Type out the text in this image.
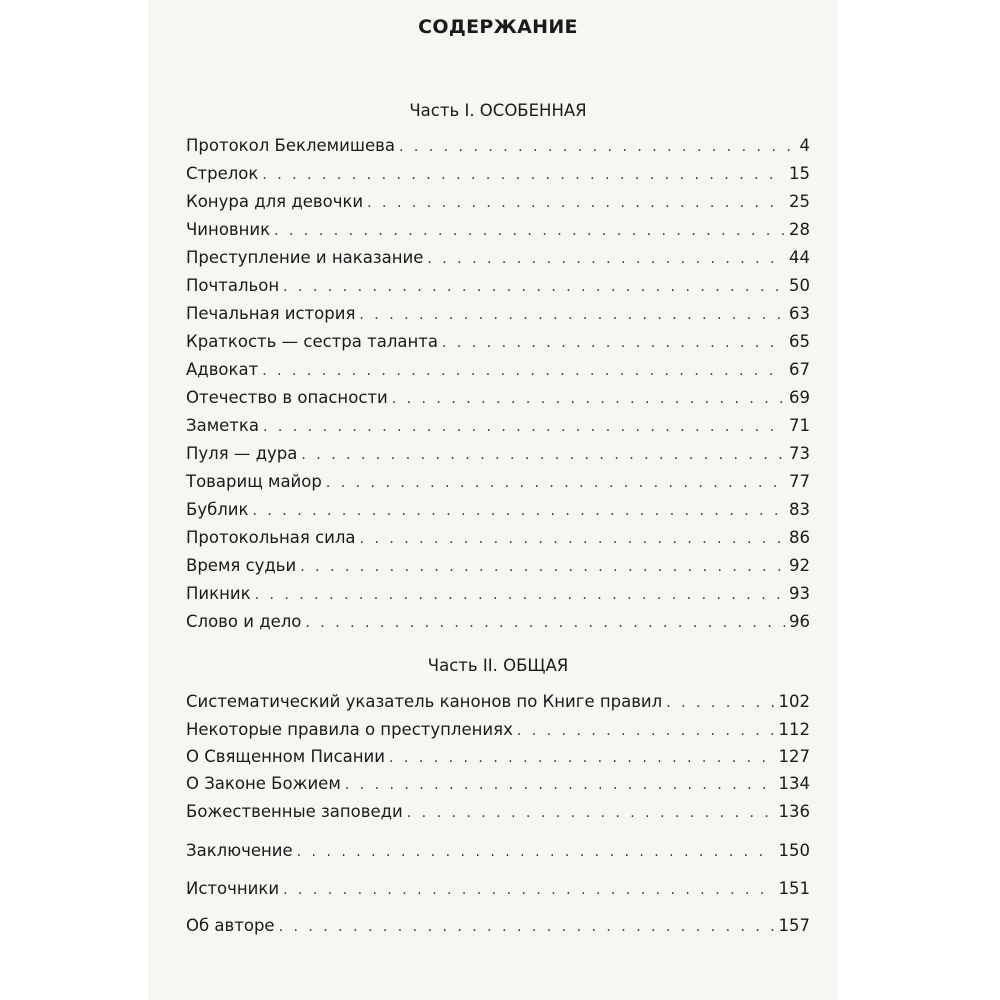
СОДЕРЖАНИЕ
Часть I. ОСОБЕННАЯ
Протокол Беклемишева . . .	4
Стрелок . . .	15
Конура для девочки . . .	25
Чиновник . . .	28
Преступление и наказание . . .	44
Почтальон . . .	50
Печальная история . . .	63
Краткость — сестра таланта . . .	65
Адвокат . . .	67
Отечество в опасности . . .	69
Заметка . . .	71
Пуля — дура . . .	73
Товарищ майор . . .	77
Бублик . . .	83
Протокольная сила . . .	86
Время судьи . . .	92
Пикник . . .	93
Слово и дело . . .	96
Часть II. ОБЩАЯ
Систематический указатель канонов по Книге правил . . .	102
Некоторые правила о преступлениях . . .	112
О Священном Писании . . .	127
О Законе Божием . . .	134
Божественные заповеди . . .	136
Заключение . . .	150
Источники . . .	151
Об авторе . . .	157
